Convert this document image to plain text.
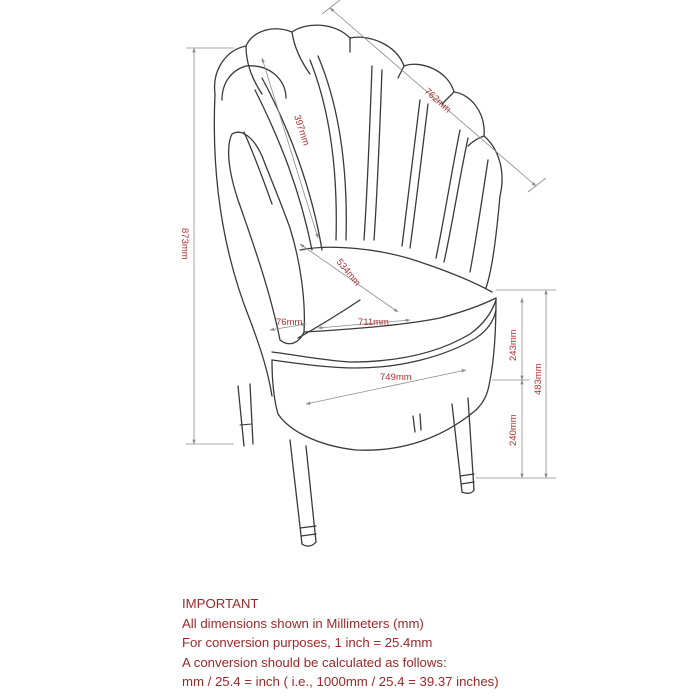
762mm
397mm
873mm
534mm
76mm	711mm
749mm
243mm
240mm
483mm
IMPORTANT
All dimensions shown in Millimeters (mm)
For conversion purposes, 1 inch = 25.4mm
A conversion should be calculated as follows:
mm / 25.4 = inch ( i.e., 1000mm / 25.4 = 39.37 inches)
